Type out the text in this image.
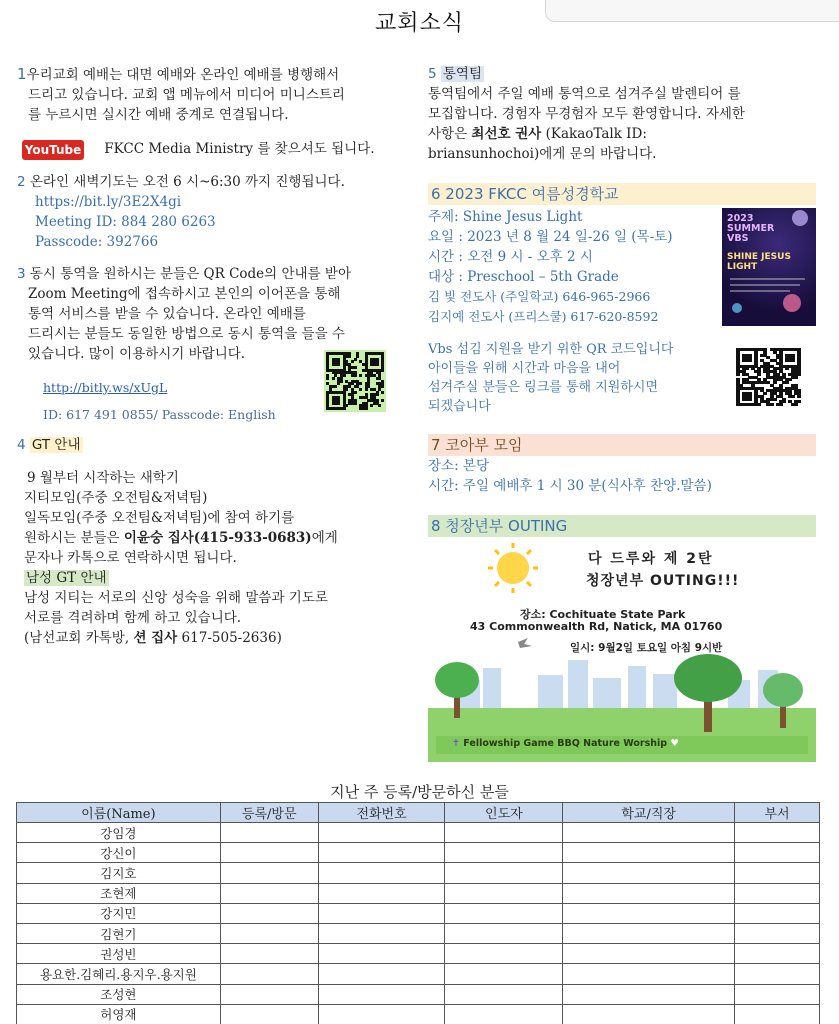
교회소식
1우리교회 예배는 대면 예배와 온라인 예배를 병행해서
드리고 있습니다. 교회 앱 메뉴에서 미디어 미니스트리
를 누르시면 실시간 예배 중계로 연결됩니다.
YouTube FKCC Media Ministry 를 찾으셔도 됩니다.
2 온라인 새벽기도는 오전 6 시~6:30 까지 진행됩니다.
https://bit.ly/3E2X4gi
Meeting ID: 884 280 6263
Passcode: 392766
3 동시 통역을 원하시는 분들은 QR Code의 안내를 받아
Zoom Meeting에 접속하시고 본인의 이어폰을 통해
통역 서비스를 받을 수 있습니다. 온라인 예배를
드리시는 분들도 동일한 방법으로 동시 통역을 들을 수
있습니다. 많이 이용하시기 바랍니다.
http://bitly.ws/xUgL
ID: 617 491 0855/ Passcode: English
4 GT 안내
9 월부터 시작하는 새학기
지티모임(주중 오전팀&저녁팀)
일독모임(주중 오전팀&저녁팀)에 참여 하기를
원하시는 분들은 이윤숭 집사(415-933-0683)에게
문자나 카톡으로 연락하시면 됩니다.
남성 GT 안내
남성 지티는 서로의 신앙 성숙을 위해 말씀과 기도로
서로를 격려하며 함께 하고 있습니다.
(남선교회 카톡방, 션 집사 617-505-2636)
5 통역팀
통역팀에서 주일 예배 통역으로 섬겨주실 발렌티어 를
모집합니다. 경험자 무경험자 모두 환영합니다. 자세한
사항은 최선호 권사 (KakaoTalk ID:
briansunhochoi)에게 문의 바랍니다.
6 2023 FKCC 여름성경학교
주제: Shine Jesus Light
요일 : 2023 년 8 월 24 일-26 일 (목-토)
시간 : 오전 9 시 - 오후 2 시
대상 : Preschool – 5th Grade
김 빛 전도사 (주일학교) 646-965-2966
김지예 전도사 (프리스쿨) 617-620-8592
2023 SUMMER VBS
SHINE JESUS LIGHT
Vbs 섬김 지원을 받기 위한 QR 코드입니다
아이들을 위해 시간과 마음을 내어
섬겨주실 분들은 링크를 통해 지원하시면
되겠습니다
7 코아부 모임
장소: 본당
시간: 주일 예배후 1 시 30 분(식사후 찬양.말씀)
8 청장년부 OUTING
다 드루와 제 2탄
청장년부 OUTING!!!
장소: Cochituate State Park
43 Commonwealth Rd, Natick, MA 01760
일시: 9월2일 토요일 아침 9시반
✝ Fellowship Game BBQ Nature Worship ♥
지난 주 등록/방문하신 분들
이름(Name)	등록/방문	전화번호	인도자	학교/직장	부서
강임경					
강신이					
김지호					
조현제					
강지민					
김현기					
권성빈					
용요한.김혜리.용지우.용지원					
조성현					
허영재					
